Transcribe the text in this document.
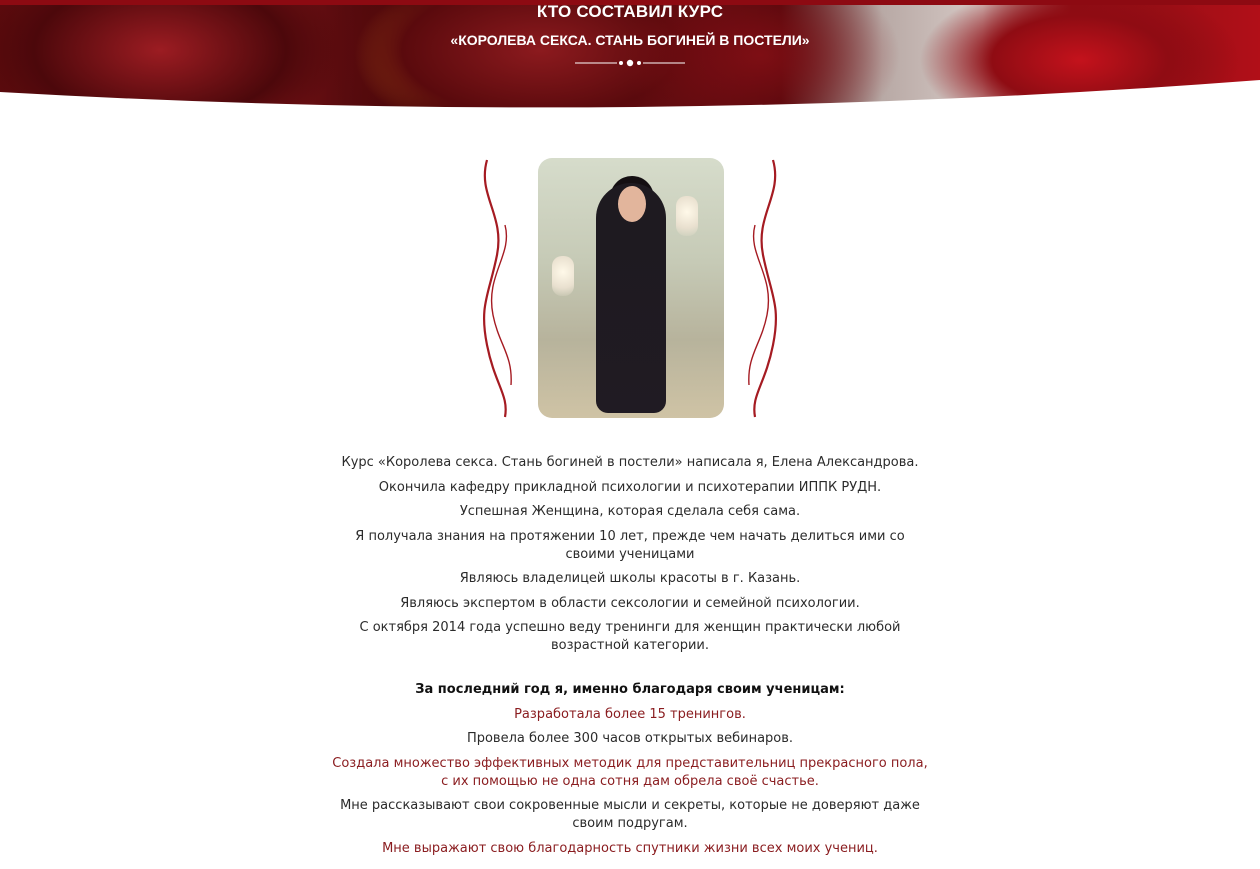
КТО СОСТАВИЛ КУРС
«КОРОЛЕВА СЕКСА. СТАНЬ БОГИНЕЙ В ПОСТЕЛИ»

Курс «Королева секса. Стань богиней в постели» написала я, Елена Александрова.

Окончила кафедру прикладной психологии и психотерапии ИППК РУДН.

Успешная Женщина, которая сделала себя сама.

Я получала знания на протяжении 10 лет, прежде чем начать делиться ими со своими ученицами

Являюсь владелицей школы красоты в г. Казань.

Являюсь экспертом в области сексологии и семейной психологии.

С октября 2014 года успешно веду тренинги для женщин практически любой возрастной категории.

За последний год я, именно благодаря своим ученицам:

Разработала более 15 тренингов.

Провела более 300 часов открытых вебинаров.

Создала множество эффективных методик для представительниц прекрасного пола, с их помощью не одна сотня дам обрела своё счастье.

Мне рассказывают свои сокровенные мысли и секреты, которые не доверяют даже своим подругам.

Мне выражают свою благодарность спутники жизни всех моих учениц.
